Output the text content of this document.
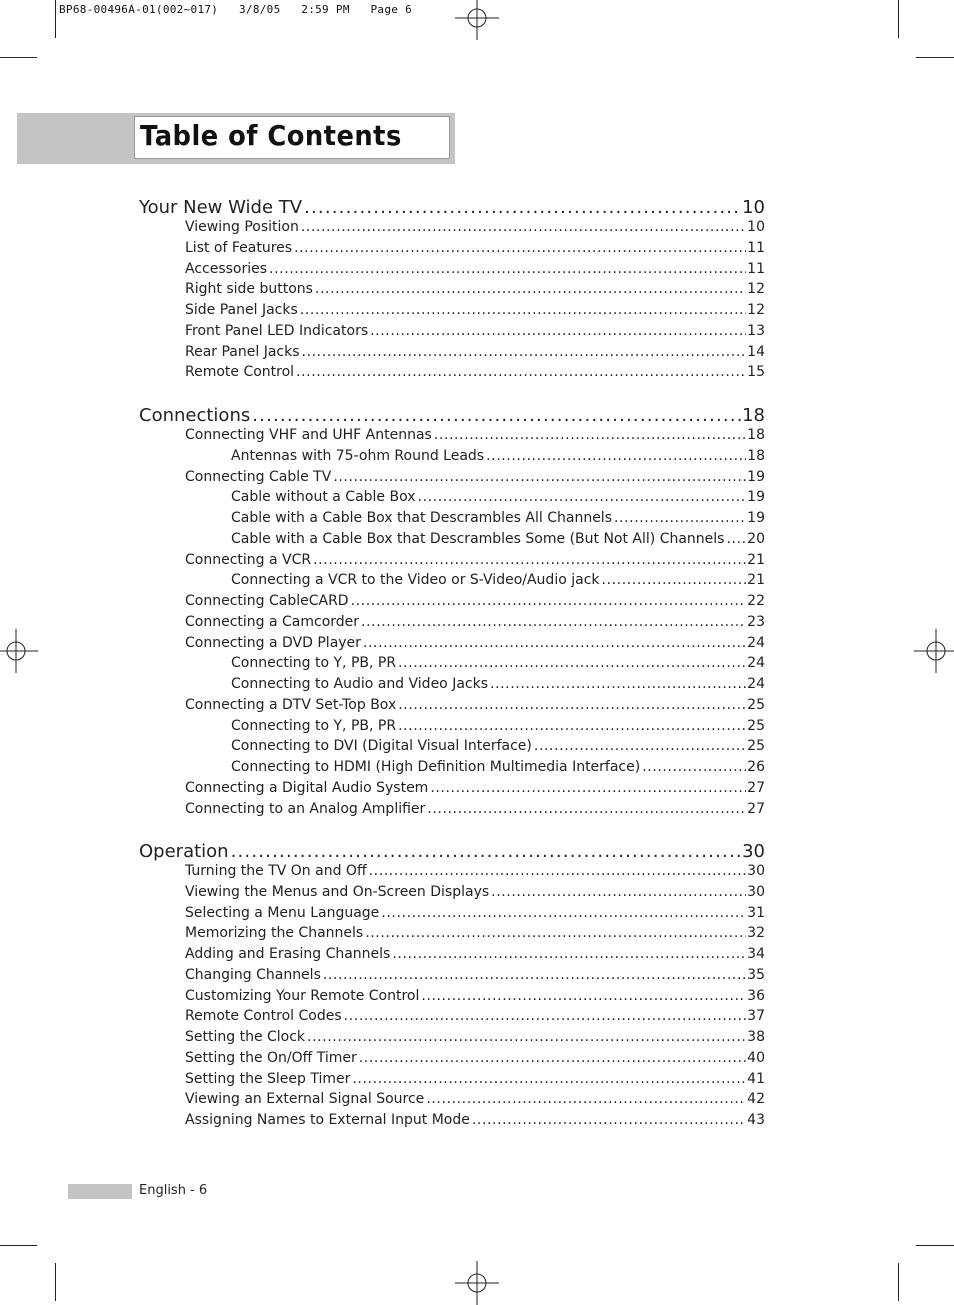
BP68-00496A-01(002~017)   3/8/05   2:59 PM   Page 6
Table of Contents
Your New Wide TV .....	10
Viewing Position .....	10
List of Features .....	11
Accessories .....	11
Right side buttons .....	12
Side Panel Jacks .....	12
Front Panel LED Indicators .....	13
Rear Panel Jacks .....	14
Remote Control .....	15
Connections .....	18
Connecting VHF and UHF Antennas .....	18
Antennas with 75-ohm Round Leads .....	18
Connecting Cable TV .....	19
Cable without a Cable Box .....	19
Cable with a Cable Box that Descrambles All Channels .....	19
Cable with a Cable Box that Descrambles Some (But Not All) Channels ..... 20
Connecting a VCR .....	21
Connecting a VCR to the Video or S-Video/Audio jack .....	21
Connecting CableCARD .....	22
Connecting a Camcorder .....	23
Connecting a DVD Player .....	24
Connecting to Y, PB, PR .....	24
Connecting to Audio and Video Jacks .....	24
Connecting a DTV Set-Top Box .....	25
Connecting to Y, PB, PR .....	25
Connecting to DVI (Digital Visual Interface) .....	25
Connecting to HDMI (High Definition Multimedia Interface) .....	26
Connecting a Digital Audio System .....	27
Connecting to an Analog Amplifier .....	27
Operation .....	30
Turning the TV On and Off .....	30
Viewing the Menus and On-Screen Displays .....	30
Selecting a Menu Language .....	31
Memorizing the Channels .....	32
Adding and Erasing Channels .....	34
Changing Channels .....	35
Customizing Your Remote Control .....	36
Remote Control Codes .....	37
Setting the Clock .....	38
Setting the On/Off Timer .....	40
Setting the Sleep Timer .....	41
Viewing an External Signal Source .....	42
Assigning Names to External Input Mode .....	43
English - 6
